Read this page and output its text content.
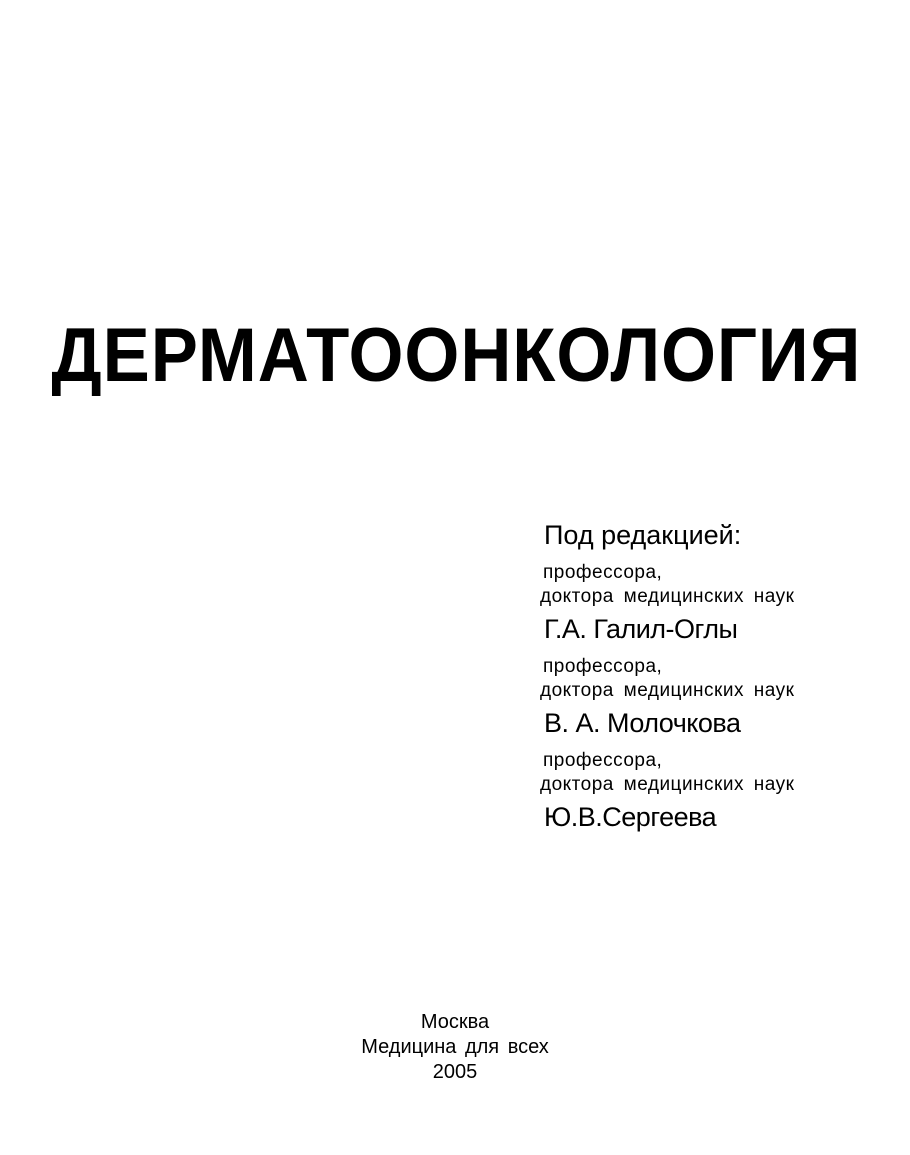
ДЕРМАТООНКОЛОГИЯ
Под редакцией:
профессора,
доктора медицинских наук
Г.А. Галил-Оглы
профессора,
доктора медицинских наук
В. А. Молочкова
профессора,
доктора медицинских наук
Ю.В.Сергеева
Москва
Медицина для всех
2005
